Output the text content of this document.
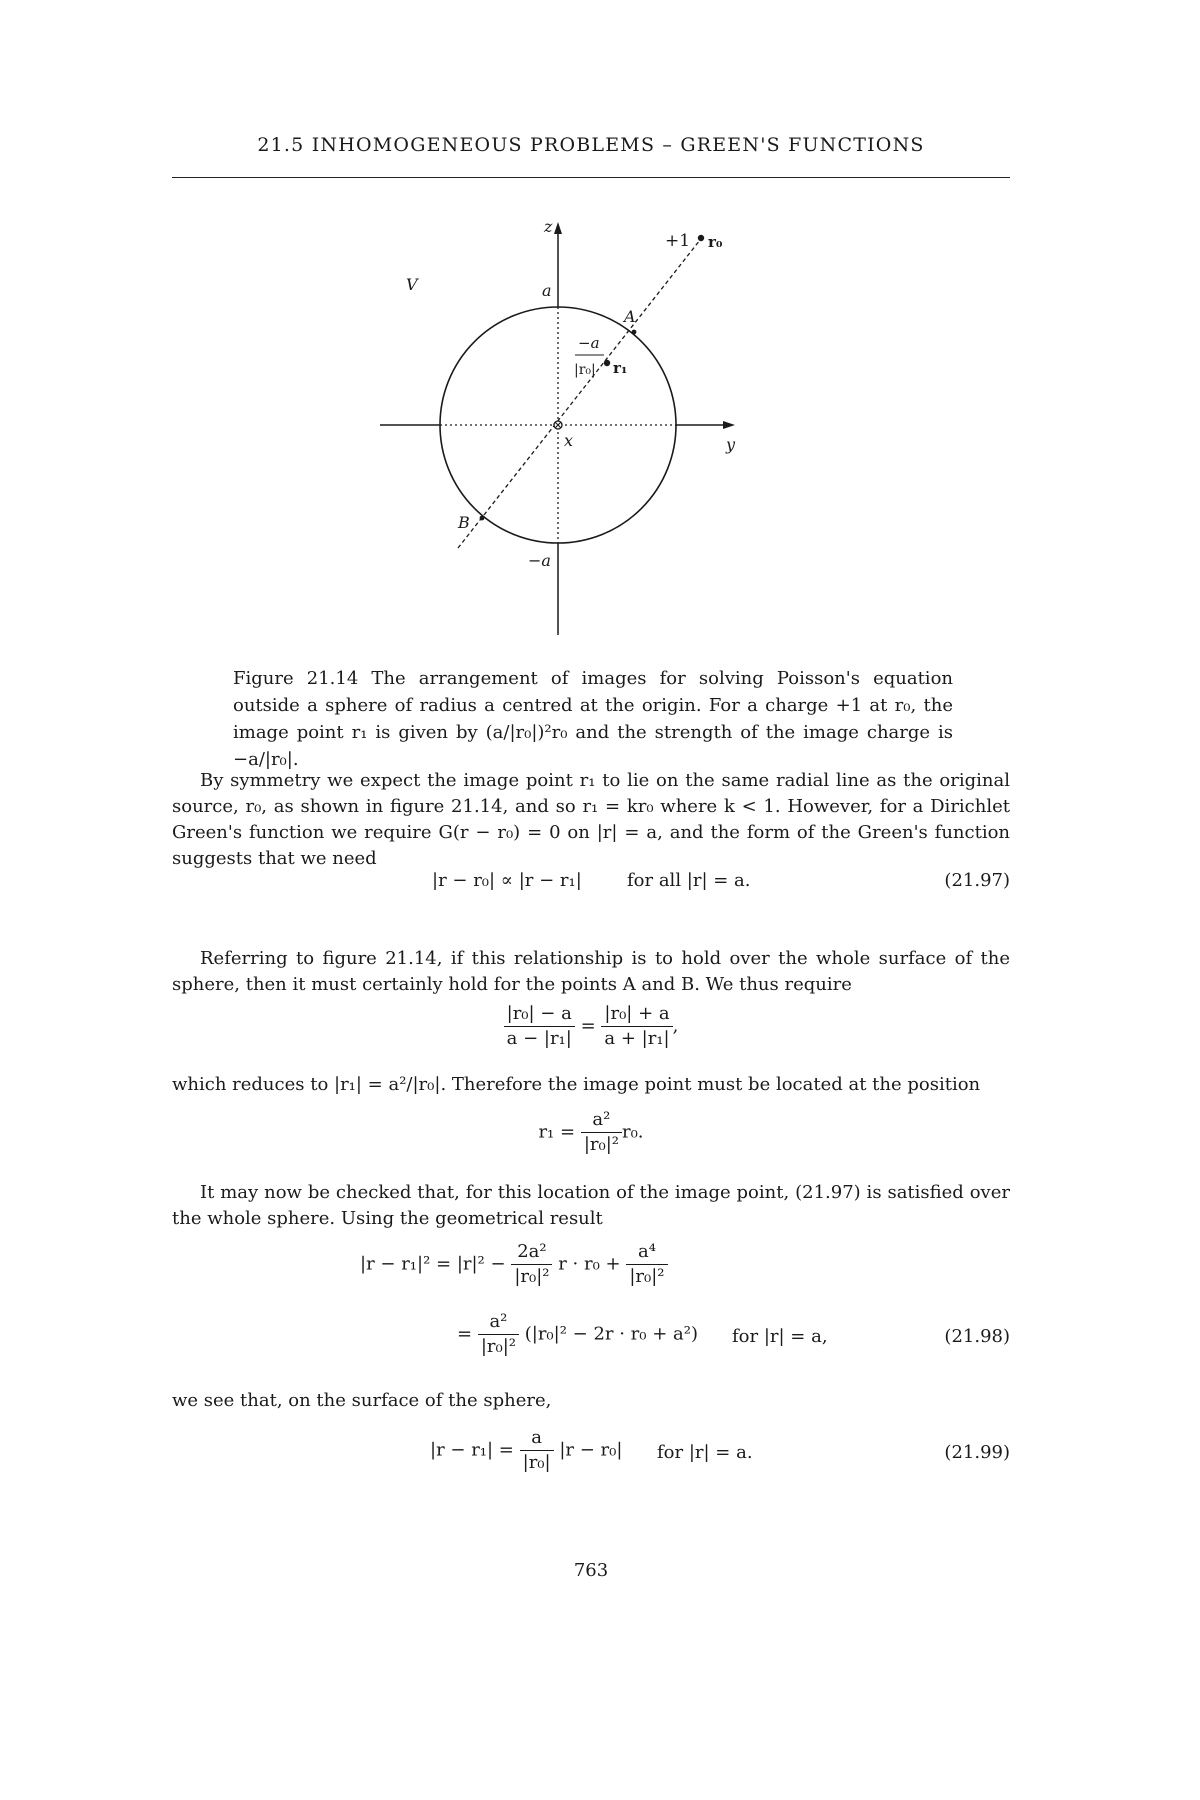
21.5 INHOMOGENEOUS PROBLEMS – GREEN'S FUNCTIONS
z
y
x
V	a
−a
A
B
+1 r₀
r₁
−a
|r₀|
Figure 21.14 The arrangement of images for solving Poisson's equation outside a sphere of radius a centred at the origin. For a charge +1 at r₀, the image point r₁ is given by (a/|r₀|)²r₀ and the strength of the image charge is −a/|r₀|.

By symmetry we expect the image point r₁ to lie on the same radial line as the original source, r₀, as shown in figure 21.14, and so r₁ = kr₀ where k < 1. However, for a Dirichlet Green's function we require G(r − r₀) = 0 on |r| = a, and the form of the Green's function suggests that we need

|r − r₀| ∝ |r − r₁|	for all |r| = a.	(21.97)

Referring to figure 21.14, if this relationship is to hold over the whole surface of the sphere, then it must certainly hold for the points A and B. We thus require

$\frac{\text{|r₀| − a}}{\text{a − |r₁|}} = \frac{\text{|r₀| + a}}{\text{a + |r₁|}}$ ,

which reduces to |r₁| = a²/|r₀|. Therefore the image point must be located at the position

$r_1 = \frac{\text{a²}}{\text{|r₀|²}} r_0$.

It may now be checked that, for this location of the image point, (21.97) is satisfied over the whole sphere. Using the geometrical result

$|r - r_1|^2 = |r|^2 - \frac{\text{2a²}}{\text{|r₀|²}}$ $r \cdot r_0 + \frac{\text{a⁴}}{\text{|r₀|²}}$
= $\frac{\text{a²}}{\text{|r₀|²}} (|r_0|^2 - 2r \cdot r_0 + a^2)$ for |r| = a,	(21.98)

we see that, on the surface of the sphere,

$|r - r_1| = \frac{a}{\text{|r₀|}} |r - r_0|$ for |r| = a.	(21.99)
763
